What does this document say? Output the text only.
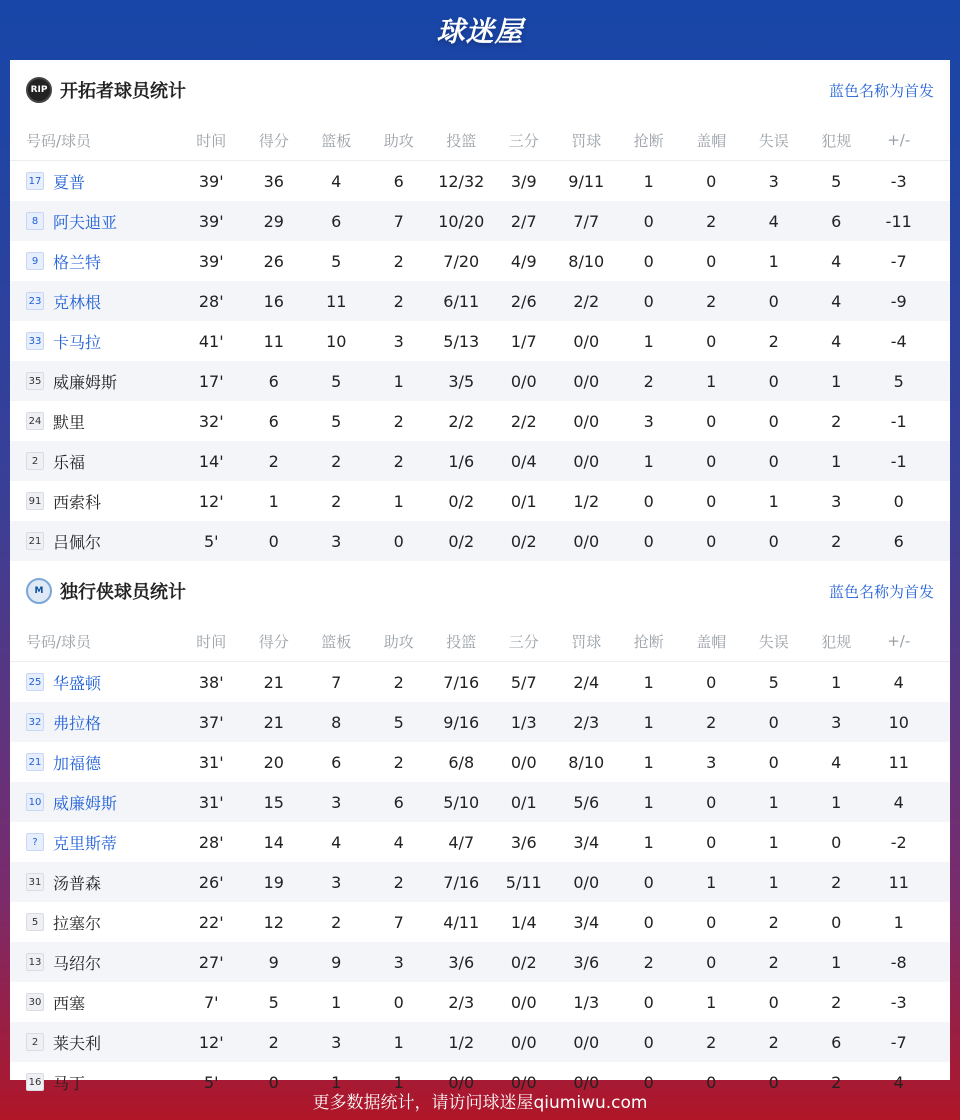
球迷屋
RIP 开拓者球员统计	蓝色名称为首发
号码/球员	时间	得分	篮板	助攻	投篮	三分	罚球	抢断	盖帽	失误	犯规	+/-
17 夏普	39'	36	4	6	12/32	3/9	9/11	1	0	3	5	-3
8 阿夫迪亚	39'	29	6	7	10/20	2/7	7/7	0	2	4	6	-11
9 格兰特	39'	26	5	2	7/20	4/9	8/10	0	0	1	4	-7
23 克林根	28'	16	11	2	6/11	2/6	2/2	0	2	0	4	-9
33 卡马拉	41'	11	10	3	5/13	1/7	0/0	1	0	2	4	-4
35 威廉姆斯	17'	6	5	1	3/5	0/0	0/0	2	1	0	1	5
24 默里	32'	6	5	2	2/2	2/2	0/0	3	0	0	2	-1
2 乐福	14'	2	2	2	1/6	0/4	0/0	1	0	0	1	-1
91 西索科	12'	1	2	1	0/2	0/1	1/2	0	0	1	3	0
21 吕佩尔	5'	0	3	0	0/2	0/2	0/0	0	0	0	2	6
M 独行侠球员统计	蓝色名称为首发
号码/球员	时间	得分	篮板	助攻	投篮	三分	罚球	抢断	盖帽	失误	犯规	+/-
25 华盛顿	38'	21	7	2	7/16	5/7	2/4	1	0	5	1	4
32 弗拉格	37'	21	8	5	9/16	1/3	2/3	1	2	0	3	10
21 加福德	31'	20	6	2	6/8	0/0	8/10	1	3	0	4	11
10 威廉姆斯	31'	15	3	6	5/10	0/1	5/6	1	0	1	1	4
? 克里斯蒂	28'	14	4	4	4/7	3/6	3/4	1	0	1	0	-2
31 汤普森	26'	19	3	2	7/16	5/11	0/0	0	1	1	2	11
5 拉塞尔	22'	12	2	7	4/11	1/4	3/4	0	0	2	0	1
13 马绍尔	27'	9	9	3	3/6	0/2	3/6	2	0	2	1	-8
30 西塞	7'	5	1	0	2/3	0/0	1/3	0	1	0	2	-3
2 莱夫利	12'	2	3	1	1/2	0/0	0/0	0	2	2	6	-7
16 马丁	5'	0	1	1	0/0	0/0	0/0	0	0	0	2	4
更多数据统计，请访问球迷屋qiumiwu.com
